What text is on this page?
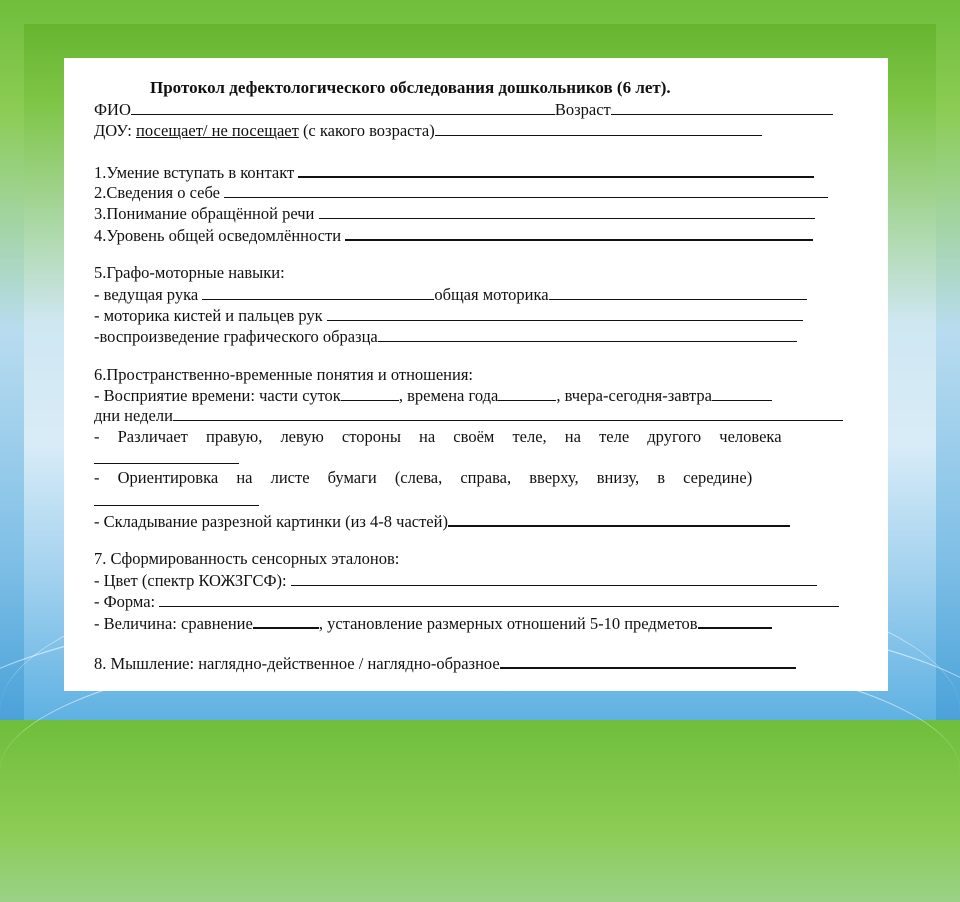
Протокол дефектологического обследования дошкольников (6 лет).
ФИО	Возраст
ДОУ: посещает/ не посещает (с какого возраста)
1.Умение вступать в контакт
2.Сведения о себе
3.Понимание обращённой речи
4.Уровень общей осведомлённости
5.Графо-моторные навыки:
- ведущая рука	общая моторика
- моторика кистей и пальцев рук
-воспроизведение графического образца
6.Пространственно-временные понятия и отношения:
- Восприятие времени: части суток	, времена года	, вчера-сегодня-завтра
дни недели
- Различает правую, левую стороны на своём теле, на теле другого человека
- Ориентировка на листе бумаги (слева, справа, вверху, внизу, в середине)
- Складывание разрезной картинки (из 4-8 частей)
7. Сформированность сенсорных эталонов:
- Цвет (спектр КОЖЗГСФ):
- Форма:
- Величина: сравнение	, установление размерных отношений 5-10 предметов
8. Мышление: наглядно-действенное / наглядно-образное
